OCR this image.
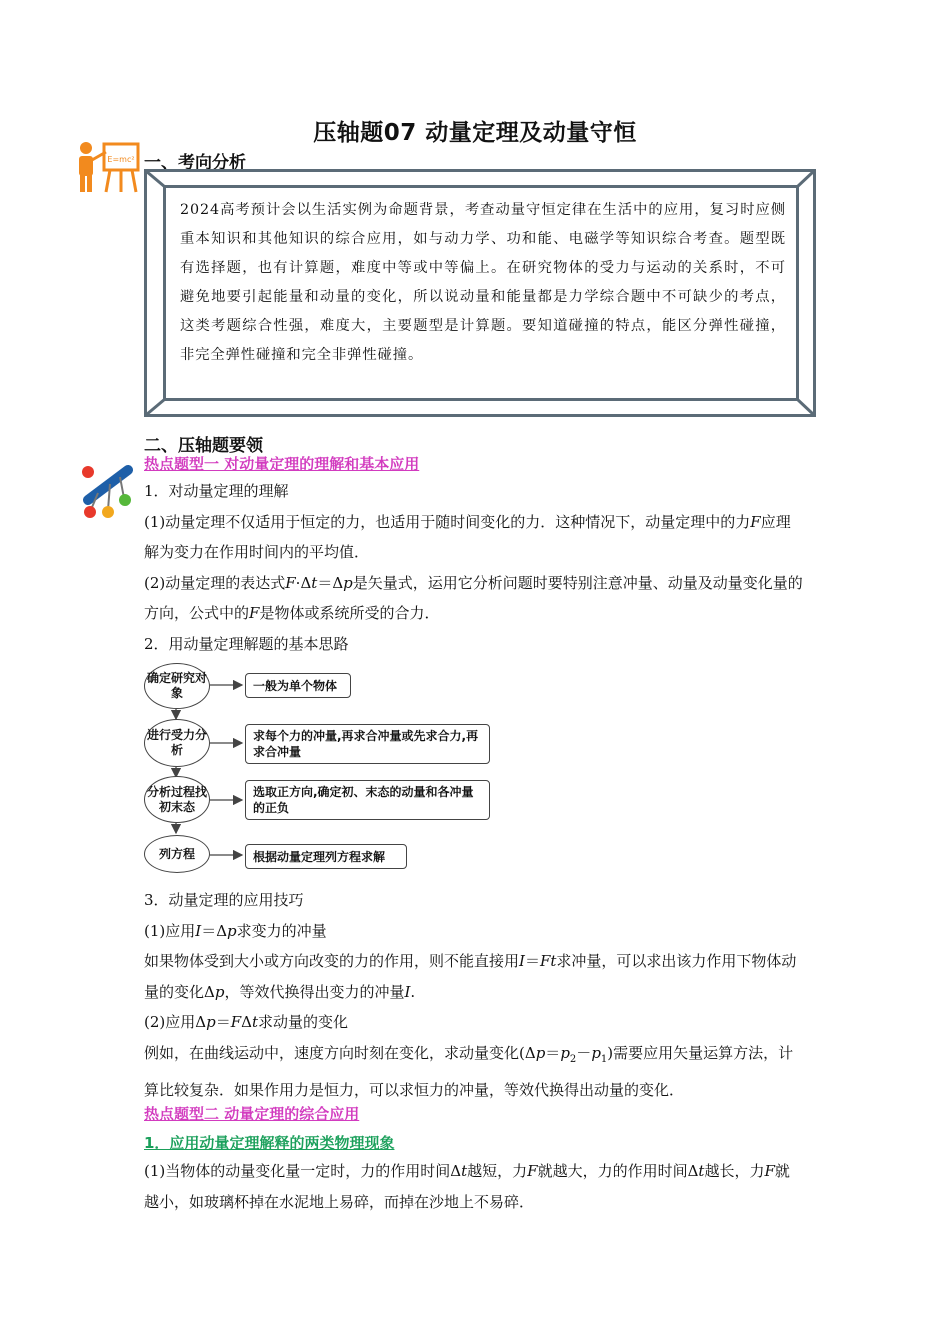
压轴题07 动量定理及动量守恒
E=mc² 一、考向分析
2024高考预计会以生活实例为命题背景，考查动量守恒定律在生活中的应用，复习时应侧重本知识和其他知识的综合应用，如与动力学、功和能、电磁学等知识综合考查。题型既有选择题，也有计算题，难度中等或中等偏上。在研究物体的受力与运动的关系时，不可避免地要引起能量和动量的变化，所以说动量和能量都是力学综合题中不可缺少的考点，这类考题综合性强，难度大，主要题型是计算题。要知道碰撞的特点，能区分弹性碰撞，非完全弹性碰撞和完全非弹性碰撞。
二、压轴题要领
热点题型一 对动量定理的理解和基本应用

1．对动量定理的理解

(1)动量定理不仅适用于恒定的力，也适用于随时间变化的力．这种情况下，动量定理中的力F应理解为变力在作用时间内的平均值．

(2)动量定理的表达式F·Δt＝Δp是矢量式，运用它分析问题时要特别注意冲量、动量及动量变化量的方向，公式中的F是物体或系统所受的合力．

2．用动量定理解题的基本思路

确定研究对象
进行受力分析
分析过程找初末态
列方程
一般为单个物体
求每个力的冲量,再求合冲量或先求合力,再求合冲量
选取正方向,确定初、末态的动量和各冲量的正负
根据动量定理列方程求解

3．动量定理的应用技巧

(1)应用I＝Δp求变力的冲量

如果物体受到大小或方向改变的力的作用，则不能直接用I＝Ft求冲量，可以求出该力作用下物体动量的变化Δp，等效代换得出变力的冲量I.

(2)应用Δp＝FΔt求动量的变化

例如，在曲线运动中，速度方向时刻在变化，求动量变化$(\Delta p=p_2-p_1)$需要应用矢量运算方法，计算比较复杂．如果作用力是恒力，可以求恒力的冲量，等效代换得出动量的变化．

热点题型二 动量定理的综合应用
1．应用动量定理解释的两类物理现象

(1)当物体的动量变化量一定时，力的作用时间Δt越短，力F就越大，力的作用时间Δt越长，力F就越小，如玻璃杯掉在水泥地上易碎，而掉在沙地上不易碎．
